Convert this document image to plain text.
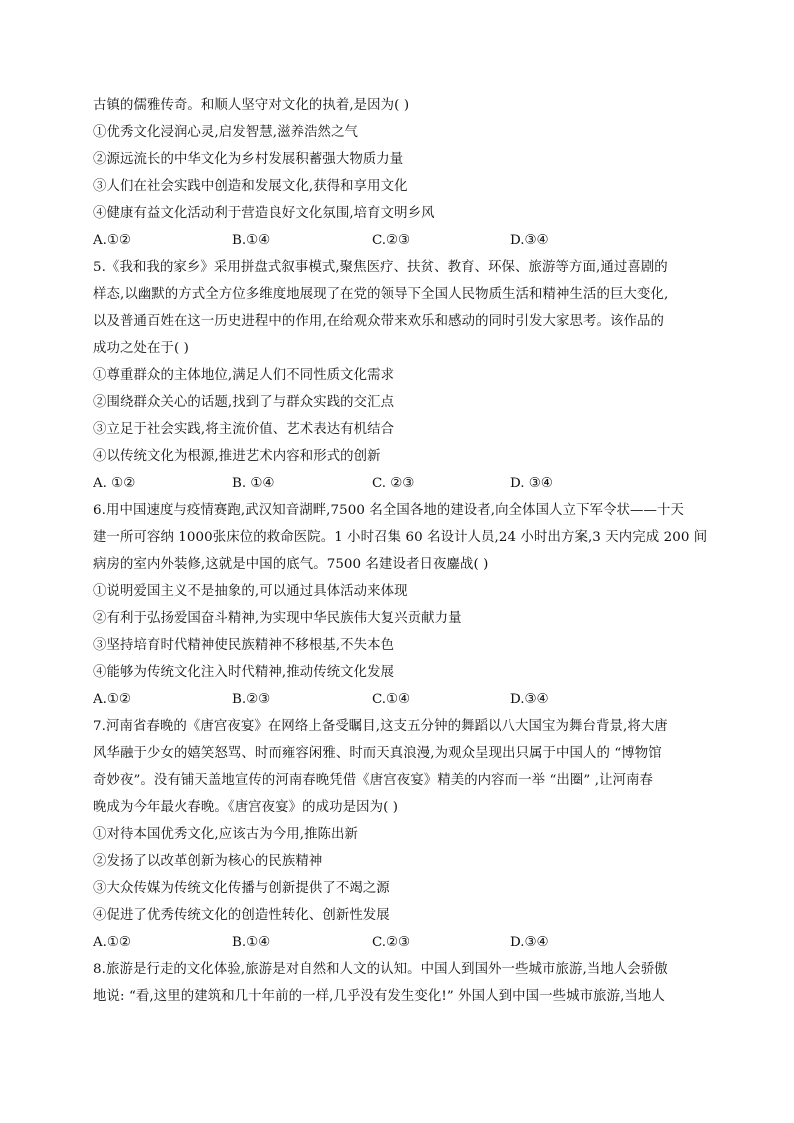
古镇的儒雅传奇。和顺人坚守对文化的执着,是因为( )
①优秀文化浸润心灵,启发智慧,滋养浩然之气
②源远流长的中华文化为乡村发展积蓄强大物质力量
③人们在社会实践中创造和发展文化,获得和享用文化
④健康有益文化活动利于营造良好文化氛围,培育文明乡风
A.①②	B.①④	C.②③	D.③④
5.《我和我的家乡》采用拼盘式叙事模式,聚焦医疗、扶贫、教育、环保、旅游等方面,通过喜剧的
样态,以幽默的方式全方位多维度地展现了在党的领导下全国人民物质生活和精神生活的巨大变化,
以及普通百姓在这一历史进程中的作用,在给观众带来欢乐和感动的同时引发大家思考。该作品的
成功之处在于( )
①尊重群众的主体地位,满足人们不同性质文化需求
②围绕群众关心的话题,找到了与群众实践的交汇点
③立足于社会实践,将主流价值、艺术表达有机结合
④以传统文化为根源,推进艺术内容和形式的创新
A. ①②	B. ①④	C. ②③	D. ③④
6.用中国速度与疫情赛跑,武汉知音湖畔,7500 名全国各地的建设者,向全体国人立下军令状——十天
建一所可容纳 1000张床位的救命医院。1 小时召集 60 名设计人员,24 小时出方案,3 天内完成 200 间
病房的室内外装修,这就是中国的底气。7500 名建设者日夜鏖战( )
①说明爱国主义不是抽象的,可以通过具体活动来体现
②有利于弘扬爱国奋斗精神,为实现中华民族伟大复兴贡献力量
③坚持培育时代精神使民族精神不移根基,不失本色
④能够为传统文化注入时代精神,推动传统文化发展
A.①②	B.②③	C.①④	D.③④
7.河南省春晚的《唐宫夜宴》在网络上备受瞩目,这支五分钟的舞蹈以八大国宝为舞台背景,将大唐
风华融于少女的嬉笑怒骂、时而雍容闲雅、时而天真浪漫,为观众呈现出只属于中国人的 “博物馆
奇妙夜”。没有铺天盖地宣传的河南春晚凭借《唐宫夜宴》精美的内容而一举 “出圈” ,让河南春
晚成为今年最火春晚。《唐宫夜宴》的成功是因为( )
①对待本国优秀文化,应该古为今用,推陈出新
②发扬了以改革创新为核心的民族精神
③大众传媒为传统文化传播与创新提供了不竭之源
④促进了优秀传统文化的创造性转化、创新性发展
A.①②	B.①④	C.②③	D.③④
8.旅游是行走的文化体验,旅游是对自然和人文的认知。中国人到国外一些城市旅游,当地人会骄傲
地说: “看,这里的建筑和几十年前的一样,几乎没有发生变化!” 外国人到中国一些城市旅游,当地人
